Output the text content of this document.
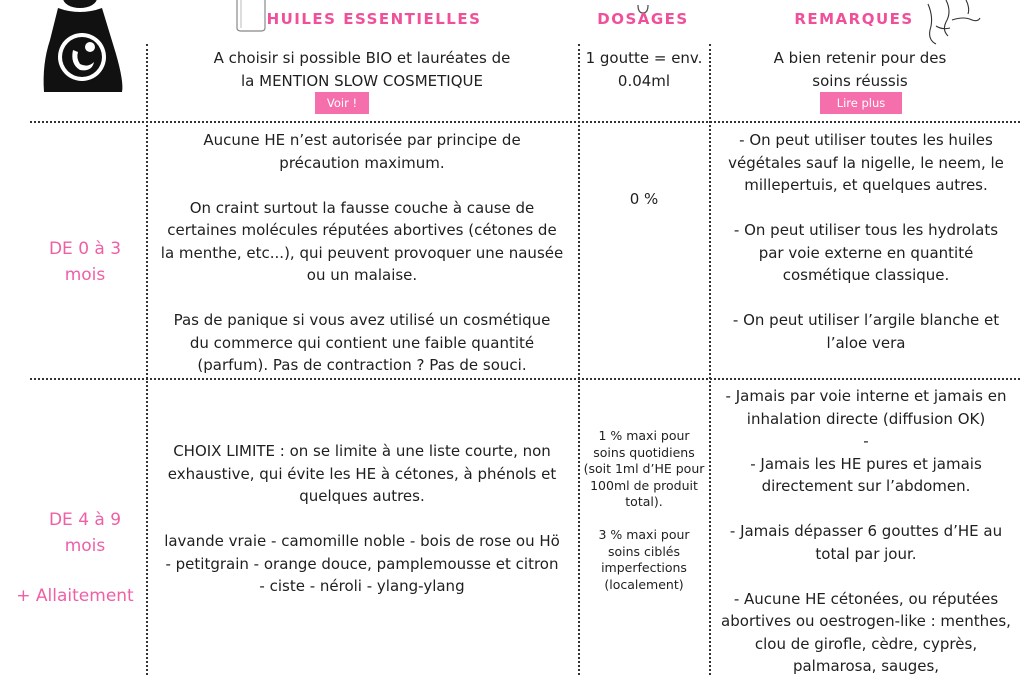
HUILES ESSENTIELLES	DOSAGES	REMARQUES
A choisir si possible BIO et lauréates de
la MENTION SLOW COSMETIQUE
Voir !
1 goutte = env.
0.04ml
A bien retenir pour des
soins réussis
Lire plus
DE 0 à 3
mois
Aucune HE n’est autorisée par principe de
précaution maximum.

On craint surtout la fausse couche à cause de
certaines molécules réputées abortives (cétones de
la menthe, etc...), qui peuvent provoquer une nausée
ou un malaise.

Pas de panique si vous avez utilisé un cosmétique
du commerce qui contient une faible quantité
(parfum). Pas de contraction ? Pas de souci.
0 %
- On peut utiliser toutes les huiles
végétales sauf la nigelle, le neem, le
millepertuis, et quelques autres.

- On peut utiliser tous les hydrolats
par voie externe en quantité
cosmétique classique.

- On peut utiliser l’argile blanche et
l’aloe vera
DE 4 à 9
mois
+ Allaitement
CHOIX LIMITE : on se limite à une liste courte, non
exhaustive, qui évite les HE à cétones, à phénols et
quelques autres.

lavande vraie - camomille noble - bois de rose ou Hö
- petitgrain - orange douce, pamplemousse et citron
- ciste - néroli - ylang-ylang
1 % maxi pour
soins quotidiens
(soit 1ml d’HE pour
100ml de produit
total).

3 % maxi pour
soins ciblés
imperfections
(localement)
- Jamais par voie interne et jamais en
inhalation directe (diffusion OK)
-
- Jamais les HE pures et jamais
directement sur l’abdomen.

- Jamais dépasser 6 gouttes d’HE au
total par jour.

- Aucune HE cétonées, ou réputées
abortives ou oestrogen-like : menthes,
clou de girofle, cèdre, cyprès,
palmarosa, sauges,
